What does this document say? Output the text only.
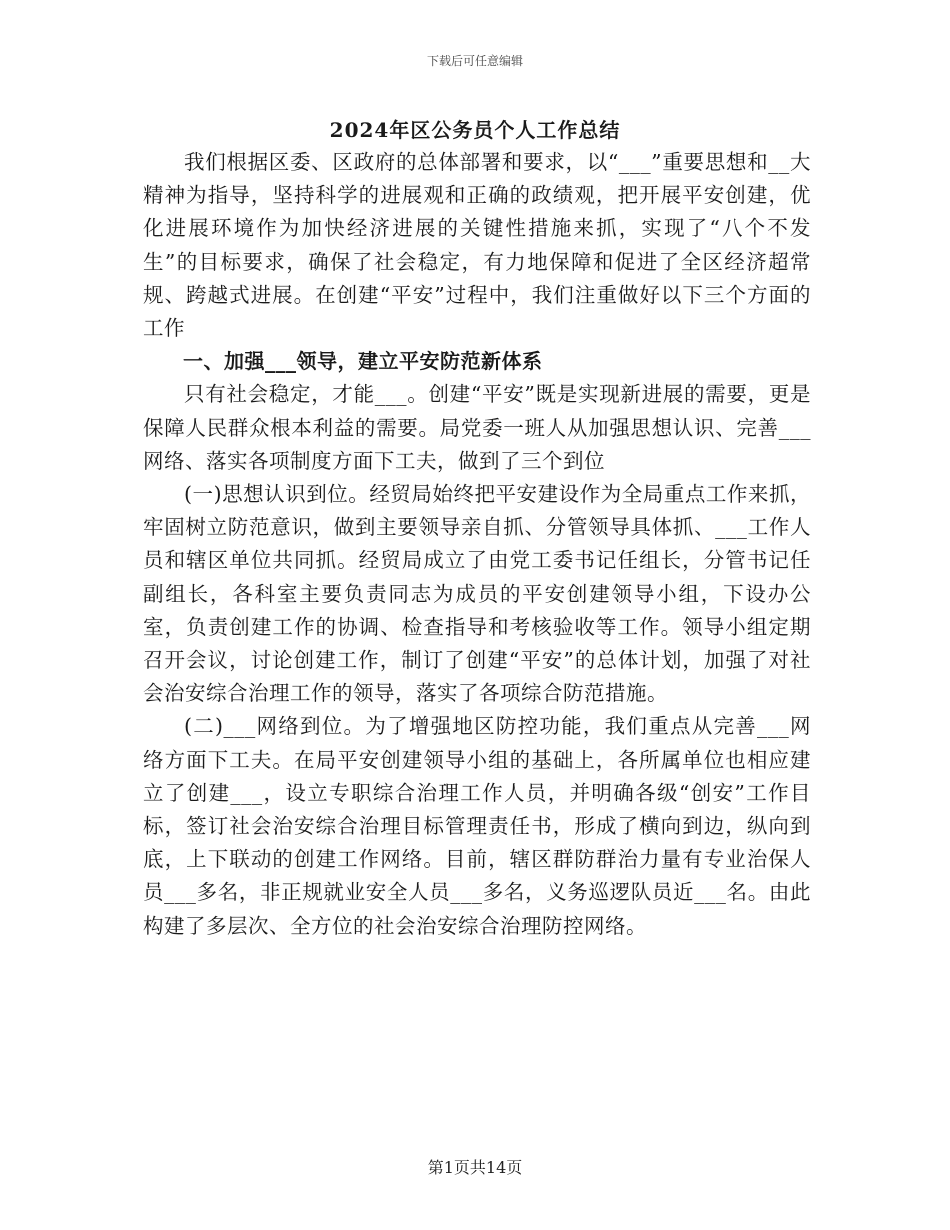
下载后可任意编辑
2024年区公务员个人工作总结

我们根据区委、区政府的总体部署和要求，以“___”重要思想和__大精神为指导，坚持科学的进展观和正确的政绩观，把开展平安创建，优化进展环境作为加快经济进展的关键性措施来抓，实现了“八个不发生”的目标要求，确保了社会稳定，有力地保障和促进了全区经济超常规、跨越式进展。在创建“平安”过程中，我们注重做好以下三个方面的工作

一、加强___领导，建立平安防范新体系

只有社会稳定，才能___。创建“平安”既是实现新进展的需要，更是保障人民群众根本利益的需要。局党委一班人从加强思想认识、完善___网络、落实各项制度方面下工夫，做到了三个到位

(一)思想认识到位。经贸局始终把平安建设作为全局重点工作来抓，牢固树立防范意识，做到主要领导亲自抓、分管领导具体抓、___工作人员和辖区单位共同抓。经贸局成立了由党工委书记任组长，分管书记任副组长，各科室主要负责同志为成员的平安创建领导小组，下设办公室，负责创建工作的协调、检查指导和考核验收等工作。领导小组定期召开会议，讨论创建工作，制订了创建“平安”的总体计划，加强了对社会治安综合治理工作的领导，落实了各项综合防范措施。

(二)___网络到位。为了增强地区防控功能，我们重点从完善___网络方面下工夫。在局平安创建领导小组的基础上，各所属单位也相应建立了创建___，设立专职综合治理工作人员，并明确各级“创安”工作目标，签订社会治安综合治理目标管理责任书，形成了横向到边，纵向到底，上下联动的创建工作网络。目前，辖区群防群治力量有专业治保人员___多名，非正规就业安全人员___多名，义务巡逻队员近___名。由此构建了多层次、全方位的社会治安综合治理防控网络。

第1页共14页
